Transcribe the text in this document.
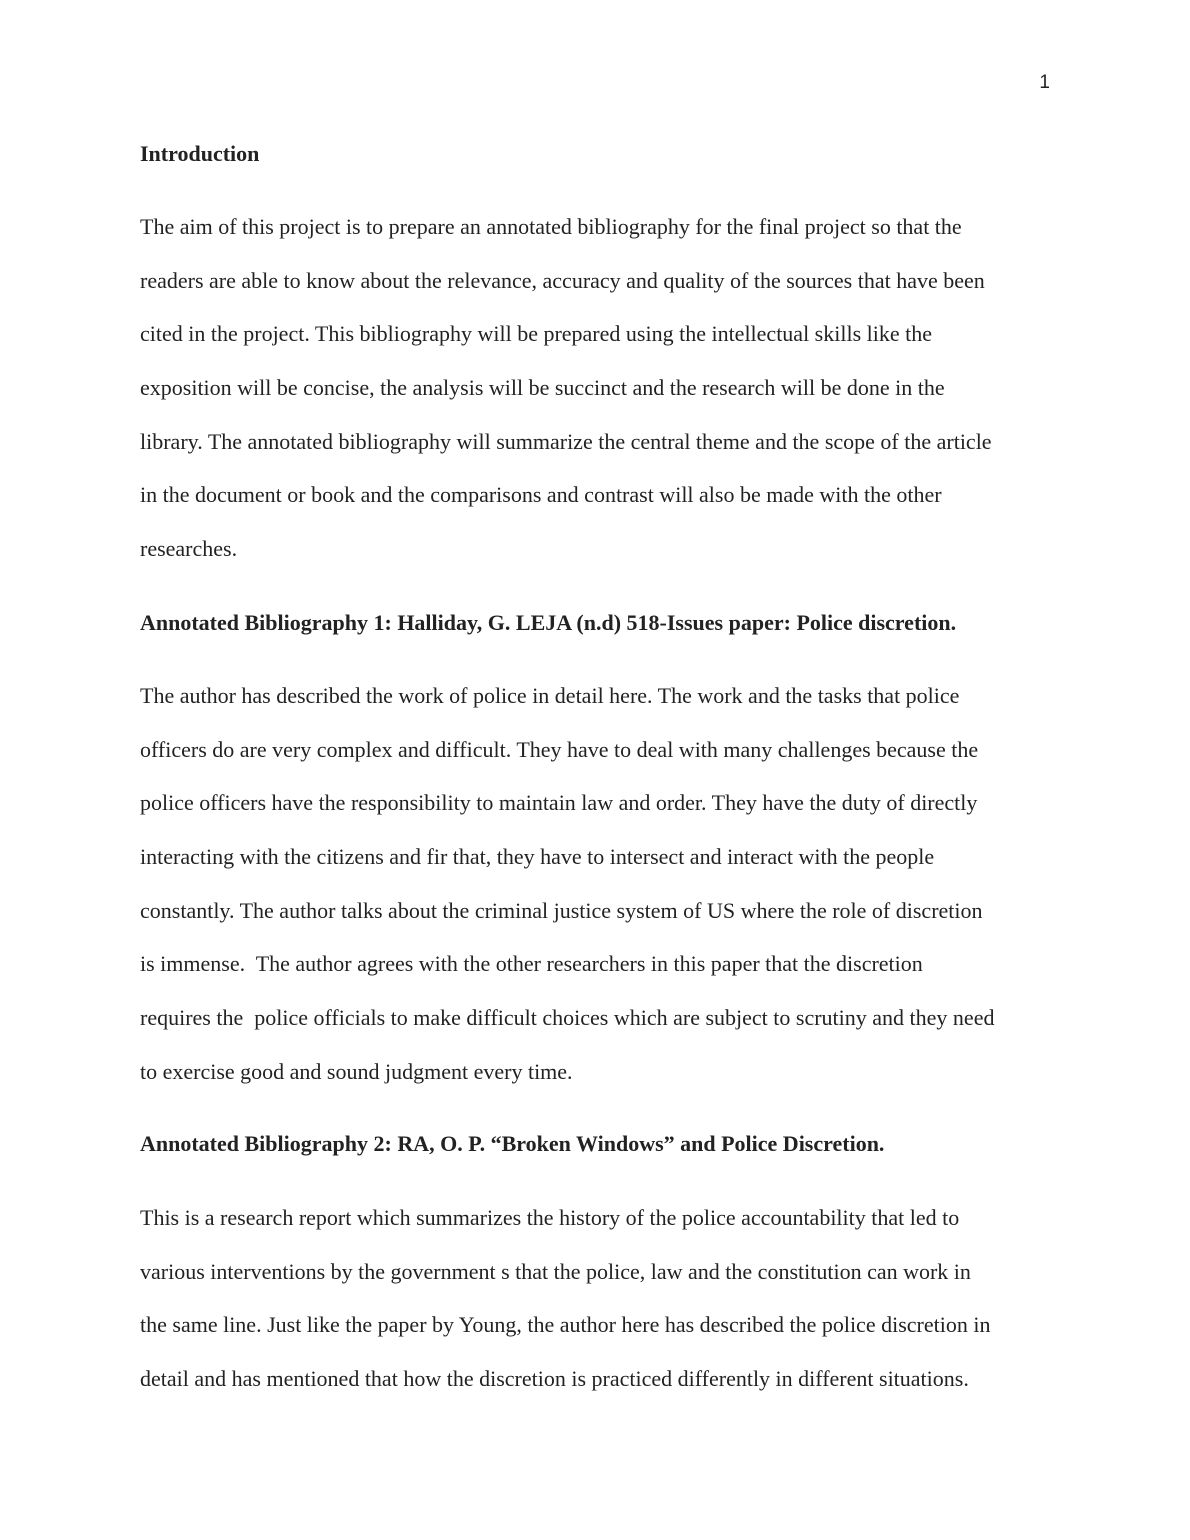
1
Introduction
The aim of this project is to prepare an annotated bibliography for the final project so that the
readers are able to know about the relevance, accuracy and quality of the sources that have been
cited in the project. This bibliography will be prepared using the intellectual skills like the
exposition will be concise, the analysis will be succinct and the research will be done in the
library. The annotated bibliography will summarize the central theme and the scope of the article
in the document or book and the comparisons and contrast will also be made with the other
researches.
Annotated Bibliography 1: Halliday, G. LEJA (n.d) 518-Issues paper: Police discretion.
The author has described the work of police in detail here. The work and the tasks that police
officers do are very complex and difficult. They have to deal with many challenges because the
police officers have the responsibility to maintain law and order. They have the duty of directly
interacting with the citizens and fir that, they have to intersect and interact with the people
constantly. The author talks about the criminal justice system of US where the role of discretion
is immense.  The author agrees with the other researchers in this paper that the discretion
requires the  police officials to make difficult choices which are subject to scrutiny and they need
to exercise good and sound judgment every time.
Annotated Bibliography 2: RA, O. P. “Broken Windows” and Police Discretion.
This is a research report which summarizes the history of the police accountability that led to
various interventions by the government s that the police, law and the constitution can work in
the same line. Just like the paper by Young, the author here has described the police discretion in
detail and has mentioned that how the discretion is practiced differently in different situations.
